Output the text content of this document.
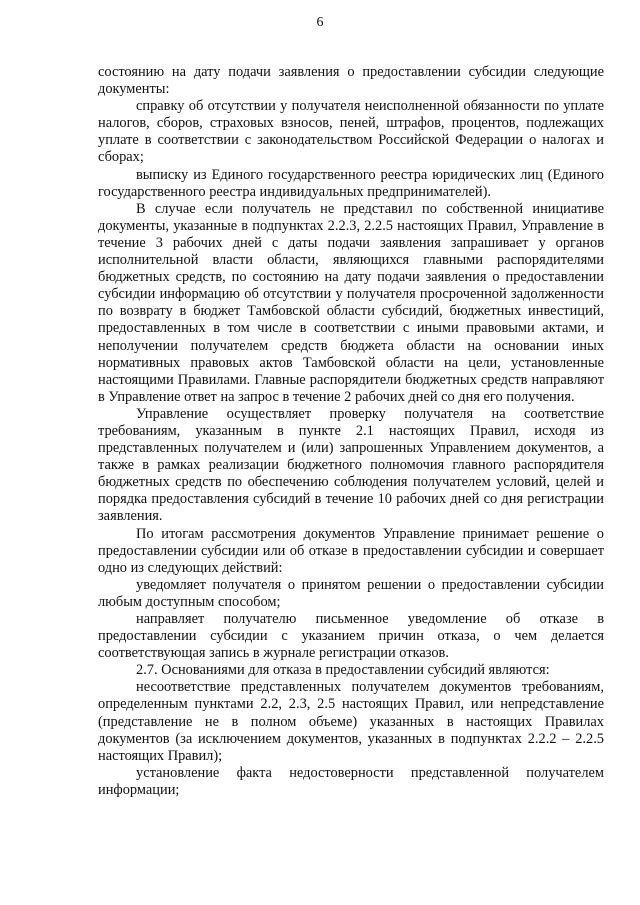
6

состоянию на дату подачи заявления о предоставлении субсидии следующие документы:

справку об отсутствии у получателя неисполненной обязанности по уплате налогов, сборов, страховых взносов, пеней, штрафов, процентов, подлежащих уплате в соответствии с законодательством Российской Федерации о налогах и сборах;

выписку из Единого государственного реестра юридических лиц (Единого государственного реестра индивидуальных предпринимателей).

В случае если получатель не представил по собственной инициативе документы, указанные в подпунктах 2.2.3, 2.2.5 настоящих Правил, Управление в течение 3 рабочих дней с даты подачи заявления запрашивает у органов исполнительной власти области, являющихся главными распорядителями бюджетных средств, по состоянию на дату подачи заявления о предоставлении субсидии информацию об отсутствии у получателя просроченной задолженности по возврату в бюджет Тамбовской области субсидий, бюджетных инвестиций, предоставленных в том числе в соответствии с иными правовыми актами, и неполучении получателем средств бюджета области на основании иных нормативных правовых актов Тамбовской области на цели, установленные настоящими Правилами. Главные распорядители бюджетных средств направляют в Управление ответ на запрос в течение 2 рабочих дней со дня его получения.

Управление осуществляет проверку получателя на соответствие требованиям, указанным в пункте 2.1 настоящих Правил, исходя из представленных получателем и (или) запрошенных Управлением документов, а также в рамках реализации бюджетного полномочия главного распорядителя бюджетных средств по обеспечению соблюдения получателем условий, целей и порядка предоставления субсидий в течение 10 рабочих дней со дня регистрации заявления.

По итогам рассмотрения документов Управление принимает решение о предоставлении субсидии или об отказе в предоставлении субсидии и совершает одно из следующих действий:

уведомляет получателя о принятом решении о предоставлении субсидии любым доступным способом;

направляет получателю письменное уведомление об отказе в предоставлении субсидии с указанием причин отказа, о чем делается соответствующая запись в журнале регистрации отказов.

2.7. Основаниями для отказа в предоставлении субсидий являются:

несоответствие представленных получателем документов требованиям, определенным пунктами 2.2, 2.3, 2.5 настоящих Правил, или непредставление (представление не в полном объеме) указанных в настоящих Правилах документов (за исключением документов, указанных в подпунктах 2.2.2 – 2.2.5 настоящих Правил);

установление факта недостоверности представленной получателем информации;
